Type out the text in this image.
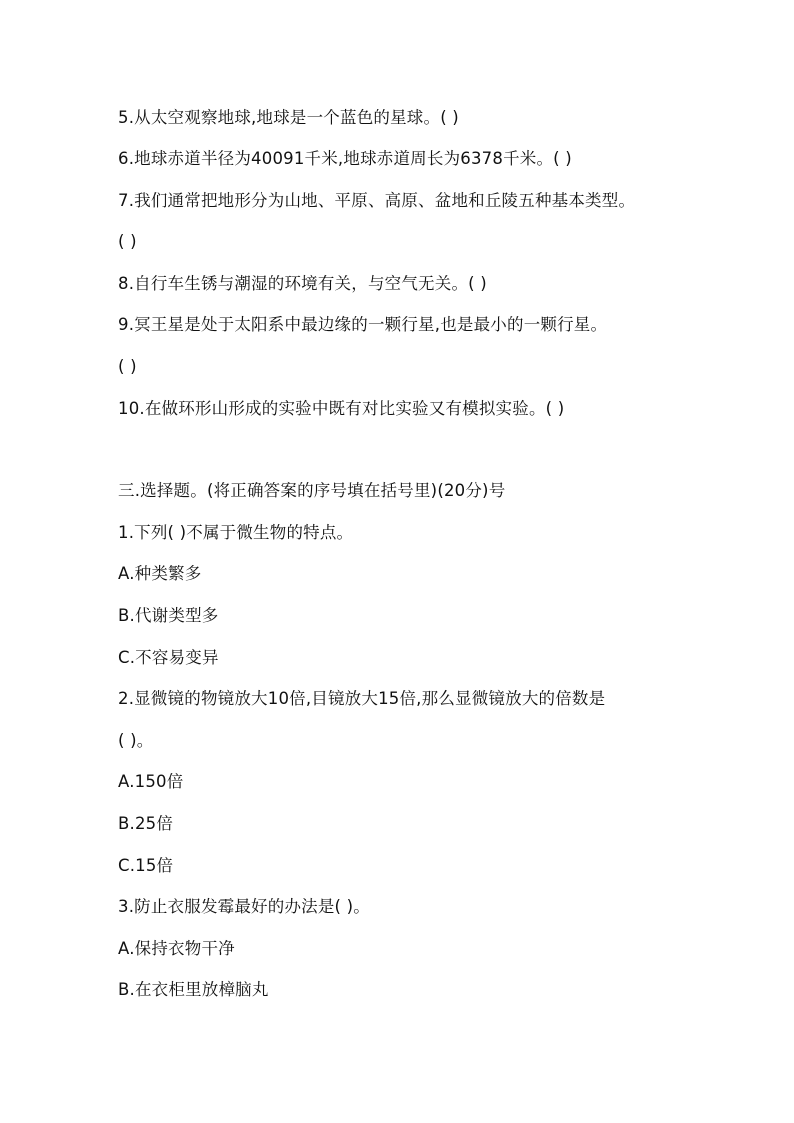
5.从太空观察地球,地球是一个蓝色的星球。( )
6.地球赤道半径为40091千米,地球赤道周长为6378千米。( )
7.我们通常把地形分为山地、平原、高原、盆地和丘陵五种基本类型。
( )
8.自行车生锈与潮湿的环境有关，与空气无关。( )
9.冥王星是处于太阳系中最边缘的一颗行星,也是最小的一颗行星。
( )
10.在做环形山形成的实验中既有对比实验又有模拟实验。( )
三.选择题。(将正确答案的序号填在括号里)(20分)号
1.下列( )不属于微生物的特点。
A.种类繁多
B.代谢类型多
C.不容易变异
2.显微镜的物镜放大10倍,目镜放大15倍,那么显微镜放大的倍数是
( )。
A.150倍
B.25倍
C.15倍
3.防止衣服发霉最好的办法是( )。
A.保持衣物干净
B.在衣柜里放樟脑丸
